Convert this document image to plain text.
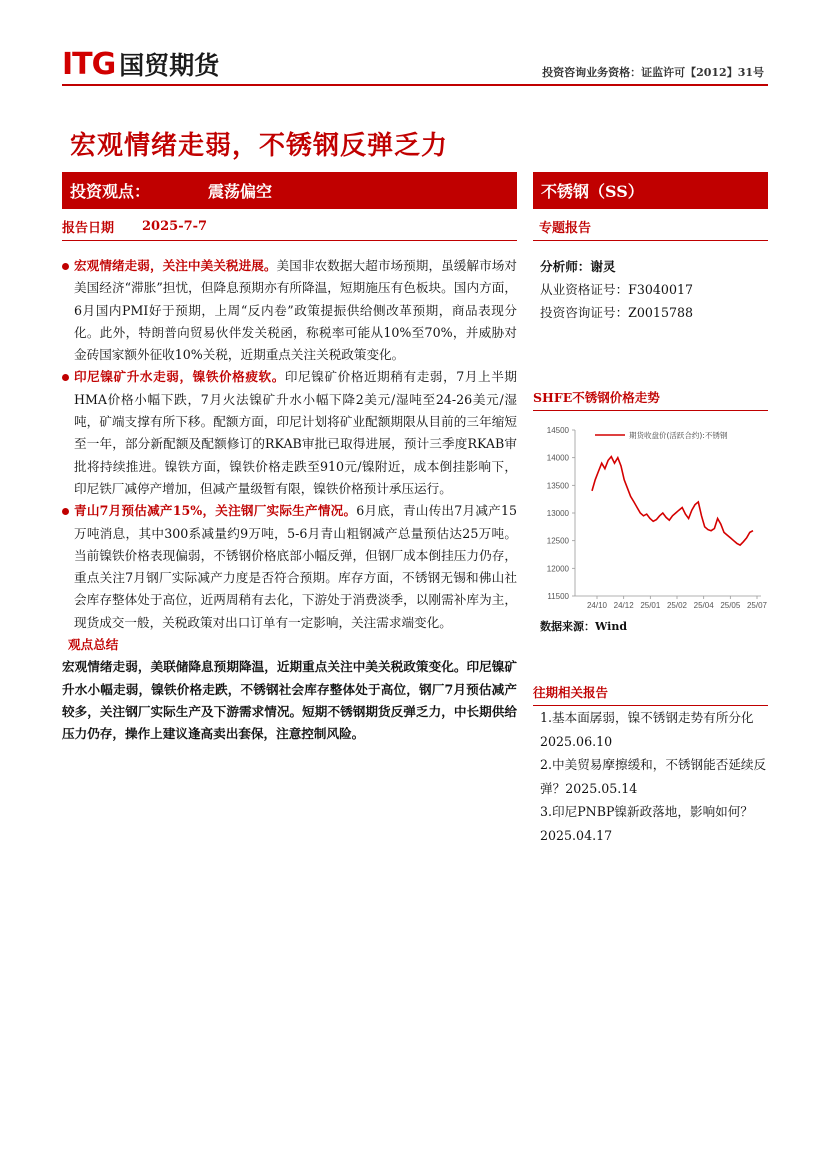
ITG 国贸期货	投资咨询业务资格：证监许可【2012】31号
宏观情绪走弱，不锈钢反弹乏力
投资观点：	震荡偏空	不锈钢（SS）
报告日期 2025-7-7	专题报告
宏观情绪走弱，关注中美关税进展。美国非农数据大超市场预期，虽缓解市场对美国经济“滞胀”担忧，但降息预期亦有所降温，短期施压有色板块。国内方面，6月国内PMI好于预期，上周“反内卷”政策提振供给侧改革预期，商品表现分化。此外，特朗普向贸易伙伴发关税函，称税率可能从10%至70%，并威胁对金砖国家额外征收10%关税，近期重点关注关税政策变化。
印尼镍矿升水走弱，镍铁价格疲软。印尼镍矿价格近期稍有走弱，7月上半期HMA价格小幅下跌，7月火法镍矿升水小幅下降2美元/湿吨至24-26美元/湿吨，矿端支撑有所下移。配额方面，印尼计划将矿业配额期限从目前的三年缩短至一年，部分新配额及配额修订的RKAB审批已取得进展，预计三季度RKAB审批将持续推进。镍铁方面，镍铁价格走跌至910元/镍附近，成本倒挂影响下，印尼铁厂减停产增加，但减产量级暂有限，镍铁价格预计承压运行。
青山7月预估减产15%，关注钢厂实际生产情况。6月底，青山传出7月减产15万吨消息，其中300系减量约9万吨，5-6月青山粗钢减产总量预估达25万吨。当前镍铁价格表现偏弱，不锈钢价格底部小幅反弹，但钢厂成本倒挂压力仍存，重点关注7月钢厂实际减产力度是否符合预期。库存方面，不锈钢无锡和佛山社会库存整体处于高位，近两周稍有去化，下游处于消费淡季，以刚需补库为主，现货成交一般，关税政策对出口订单有一定影响，关注需求端变化。
观点总结
宏观情绪走弱，美联储降息预期降温，近期重点关注中美关税政策变化。印尼镍矿升水小幅走弱，镍铁价格走跌，不锈钢社会库存整体处于高位，钢厂7月预估减产较多，关注钢厂实际生产及下游需求情况。短期不锈钢期货反弹乏力，中长期供给压力仍存，操作上建议逢高卖出套保，注意控制风险。
分析师：谢灵
从业资格证号：F3040017
投资咨询证号：Z0015788
SHFE不锈钢价格走势
11500
12000
12500
13000
13500
14000
14500
24/10 24/12 25/01 25/02 25/04 25/05 25/07
期货收盘价(活跃合约):不锈钢
数据来源：Wind
往期相关报告
1.基本面孱弱，镍不锈钢走势有所分化 2025.06.10
2.中美贸易摩擦缓和，不锈钢能否延续反弹？2025.05.14
3.印尼PNBP镍新政落地，影响如何？2025.04.17
